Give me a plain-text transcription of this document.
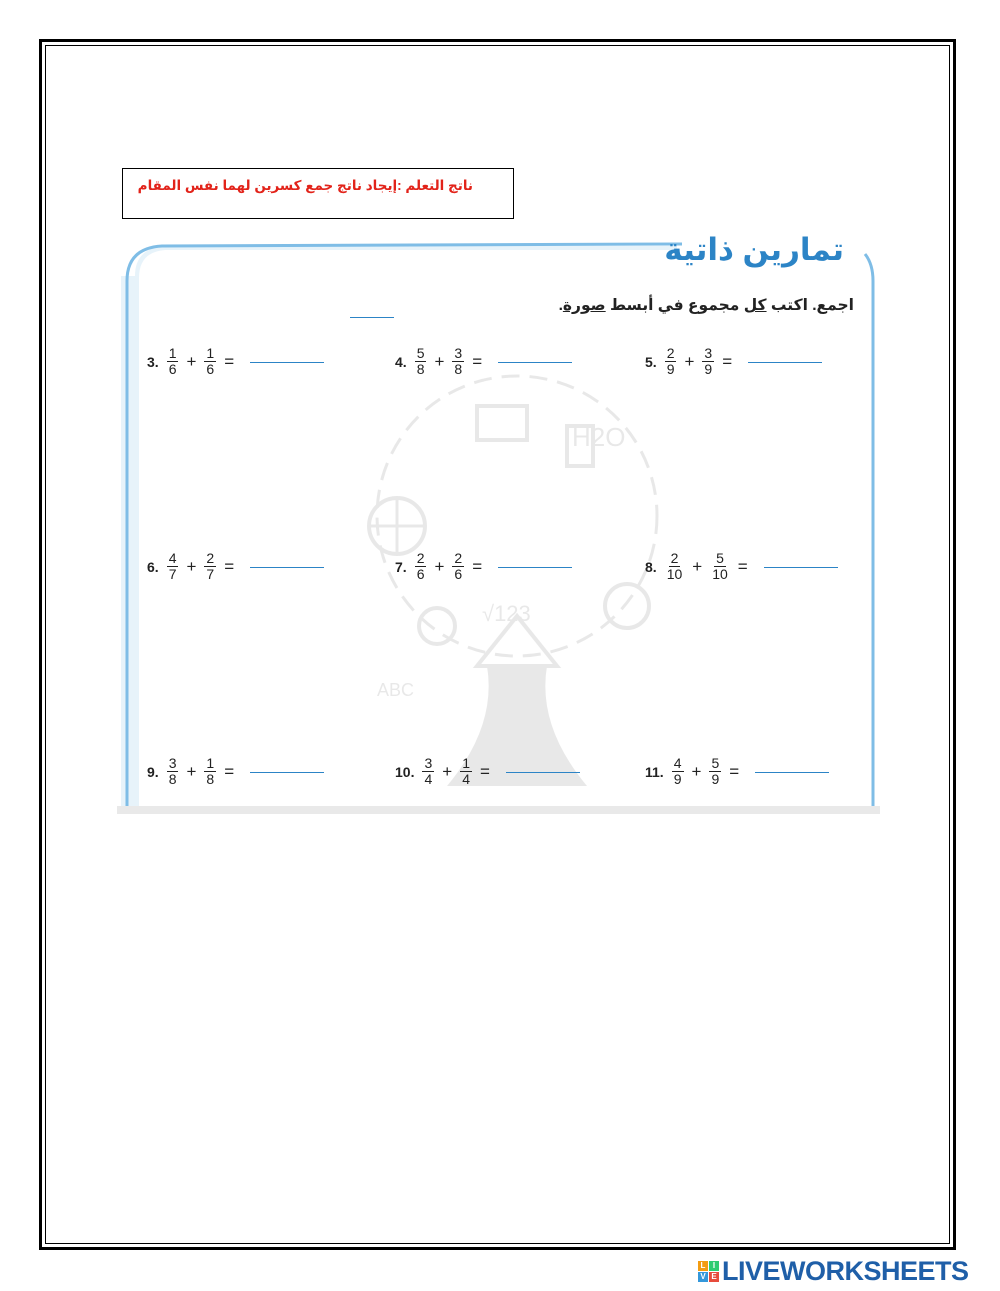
ناتج التعلم :إيجاد ناتج جمع كسرين لهما نفس المقام
H2O
√123
ABC
تمارين ذاتية
اجمع. اكتب كل مجموع في أبسط صورة.
3. $\frac{1}{6} + \frac{1}{6}$ =	4. $\frac{5}{8} + \frac{3}{8}$ =	5. $\frac{2}{9} + \frac{3}{9}$ =
6. $\frac{4}{7} + \frac{2}{7}$ =	7. $\frac{2}{6} + \frac{2}{6}$ =	8. $\frac{2}{10} + \frac{5}{10}$ =
9. $\frac{3}{8} + \frac{1}{8}$ =	10. $\frac{3}{4} + \frac{1}{4}$ =	11. $\frac{4}{9} + \frac{5}{9}$ =
L I
V E LIVEWORKSHEETS
